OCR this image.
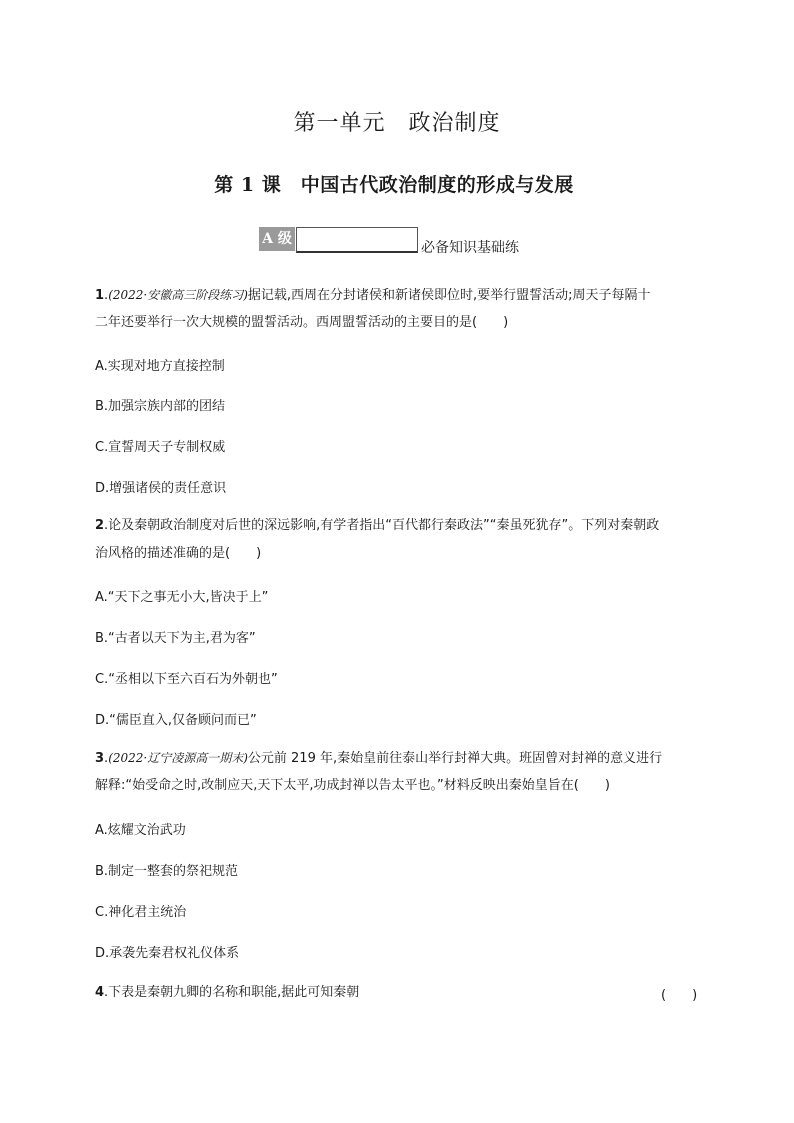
第一单元　政治制度
第 1 课　中国古代政治制度的形成与发展
A 级
必备知识基础练
1.(2022·安徽高三阶段练习)据记载,西周在分封诸侯和新诸侯即位时,要举行盟誓活动;周天子每隔十
二年还要举行一次大规模的盟誓活动。西周盟誓活动的主要目的是(　　)
A.实现对地方直接控制
B.加强宗族内部的团结
C.宣誓周天子专制权威
D.增强诸侯的责任意识
2.论及秦朝政治制度对后世的深远影响,有学者指出“百代都行秦政法”“秦虽死犹存”。下列对秦朝政
治风格的描述准确的是(　　)
A.“天下之事无小大,皆决于上”
B.“古者以天下为主,君为客”
C.“丞相以下至六百石为外朝也”
D.“儒臣直入,仅备顾问而已”
3.(2022·辽宁凌源高一期末)公元前 219 年,秦始皇前往泰山举行封禅大典。班固曾对封禅的意义进行
解释:“始受命之时,改制应天,天下太平,功成封禅以告太平也。”材料反映出秦始皇旨在(　　)
A.炫耀文治武功
B.制定一整套的祭祀规范
C.神化君主统治
D.承袭先秦君权礼仪体系
4.下表是秦朝九卿的名称和职能,据此可知秦朝	(　　)
